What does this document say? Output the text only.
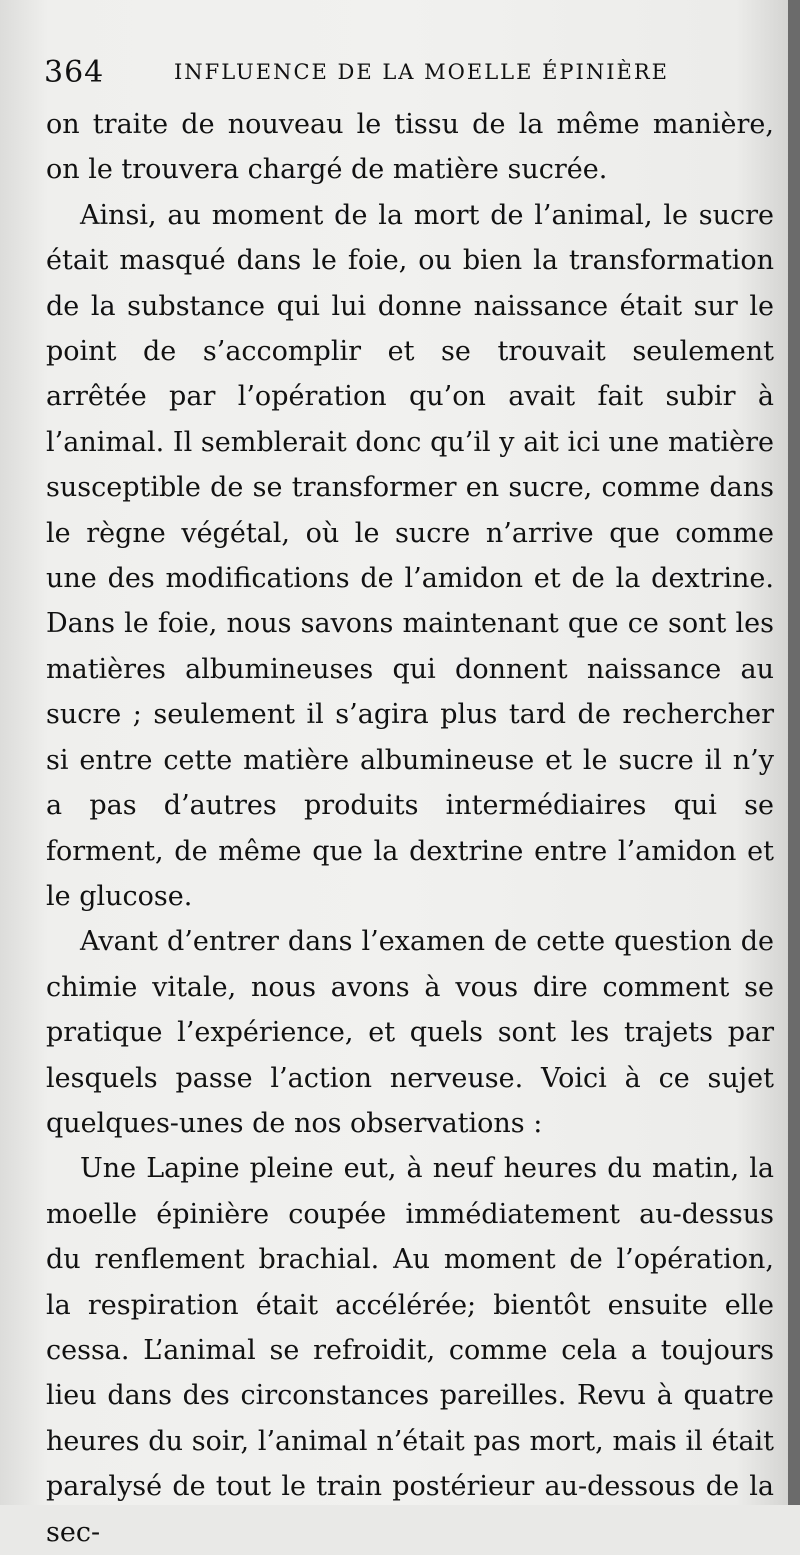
364	INFLUENCE DE LA MOELLE ÉPINIÈRE

on traite de nouveau le tissu de la même manière, on le trouvera chargé de matière sucrée.

Ainsi, au moment de la mort de l’animal, le sucre était masqué dans le foie, ou bien la transformation de la substance qui lui donne naissance était sur le point de s’accomplir et se trouvait seulement arrêtée par l’opération qu’on avait fait subir à l’animal. Il semblerait donc qu’il y ait ici une matière susceptible de se transformer en sucre, comme dans le règne végétal, où le sucre n’arrive que comme une des modifications de l’amidon et de la dextrine. Dans le foie, nous savons maintenant que ce sont les matières albumineuses qui donnent naissance au sucre ; seulement il s’agira plus tard de rechercher si entre cette matière albumineuse et le sucre il n’y a pas d’autres produits intermédiaires qui se forment, de même que la dextrine entre l’amidon et le glucose.

Avant d’entrer dans l’examen de cette question de chimie vitale, nous avons à vous dire comment se pratique l’expérience, et quels sont les trajets par lesquels passe l’action nerveuse. Voici à ce sujet quelques-unes de nos observations :

Une Lapine pleine eut, à neuf heures du matin, la moelle épinière coupée immédiatement au-dessus du renflement brachial. Au moment de l’opération, la respiration était accélérée; bientôt ensuite elle cessa. L’animal se refroidit, comme cela a toujours lieu dans des circonstances pareilles. Revu à quatre heures du soir, l’animal n’était pas mort, mais il était paralysé de tout le train postérieur au-dessous de la sec-
